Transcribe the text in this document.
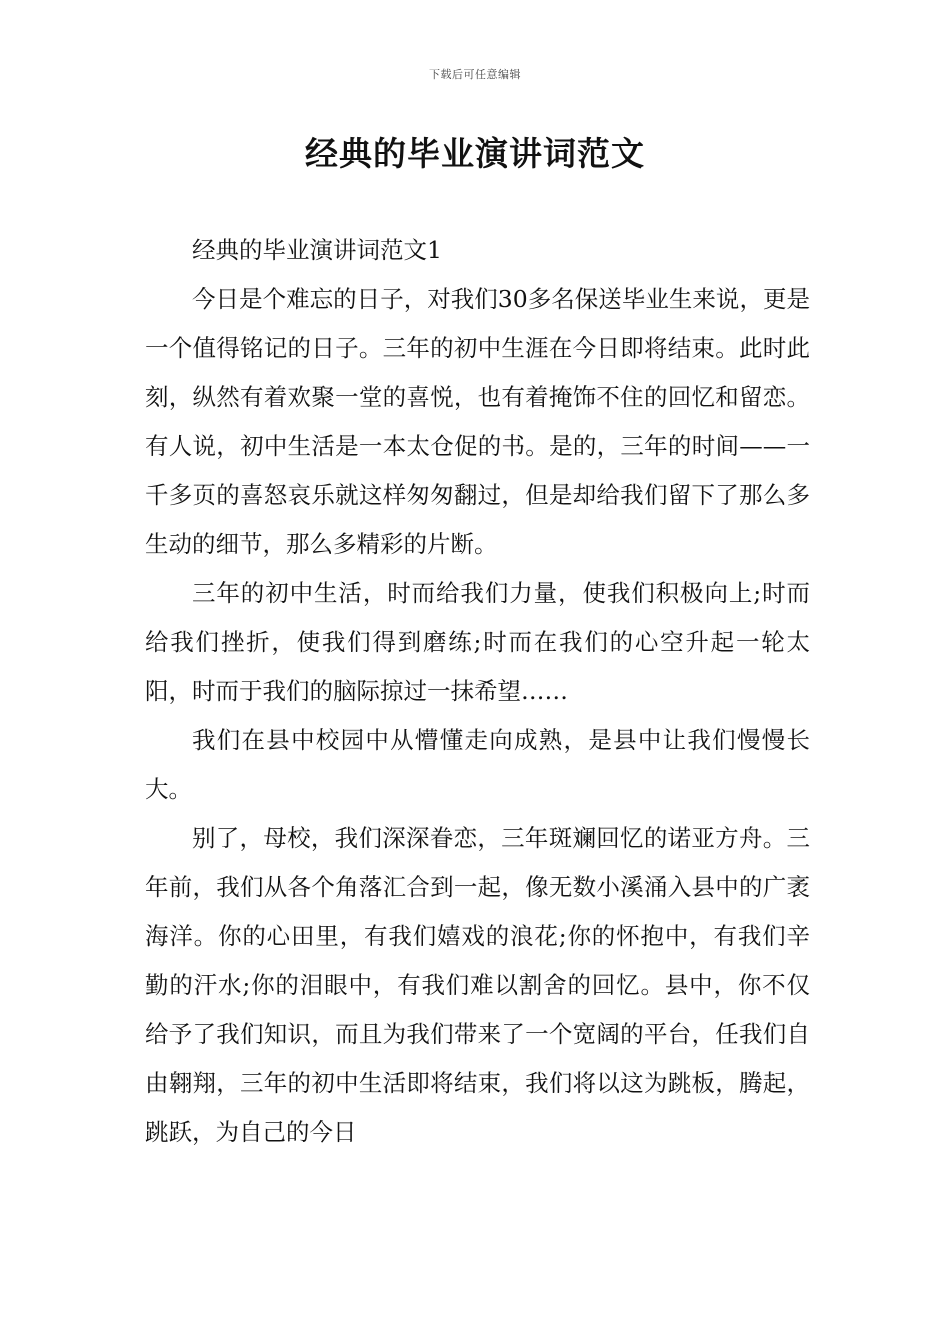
下载后可任意编辑
经典的毕业演讲词范文

经典的毕业演讲词范文1

今日是个难忘的日子，对我们30多名保送毕业生来说，更是一个值得铭记的日子。三年的初中生涯在今日即将结束。此时此刻，纵然有着欢聚一堂的喜悦，也有着掩饰不住的回忆和留恋。有人说，初中生活是一本太仓促的书。是的，三年的时间——一千多页的喜怒哀乐就这样匆匆翻过，但是却给我们留下了那么多生动的细节，那么多精彩的片断。

三年的初中生活，时而给我们力量，使我们积极向上;时而给我们挫折，使我们得到磨练;时而在我们的心空升起一轮太阳，时而于我们的脑际掠过一抹希望……

我们在县中校园中从懵懂走向成熟，是县中让我们慢慢长大。

别了，母校，我们深深眷恋，三年斑斓回忆的诺亚方舟。三年前，我们从各个角落汇合到一起，像无数小溪涌入县中的广袤海洋。你的心田里，有我们嬉戏的浪花;你的怀抱中，有我们辛勤的汗水;你的泪眼中，有我们难以割舍的回忆。县中，你不仅给予了我们知识，而且为我们带来了一个宽阔的平台，任我们自由翱翔，三年的初中生活即将结束，我们将以这为跳板，腾起，跳跃，为自己的今日
